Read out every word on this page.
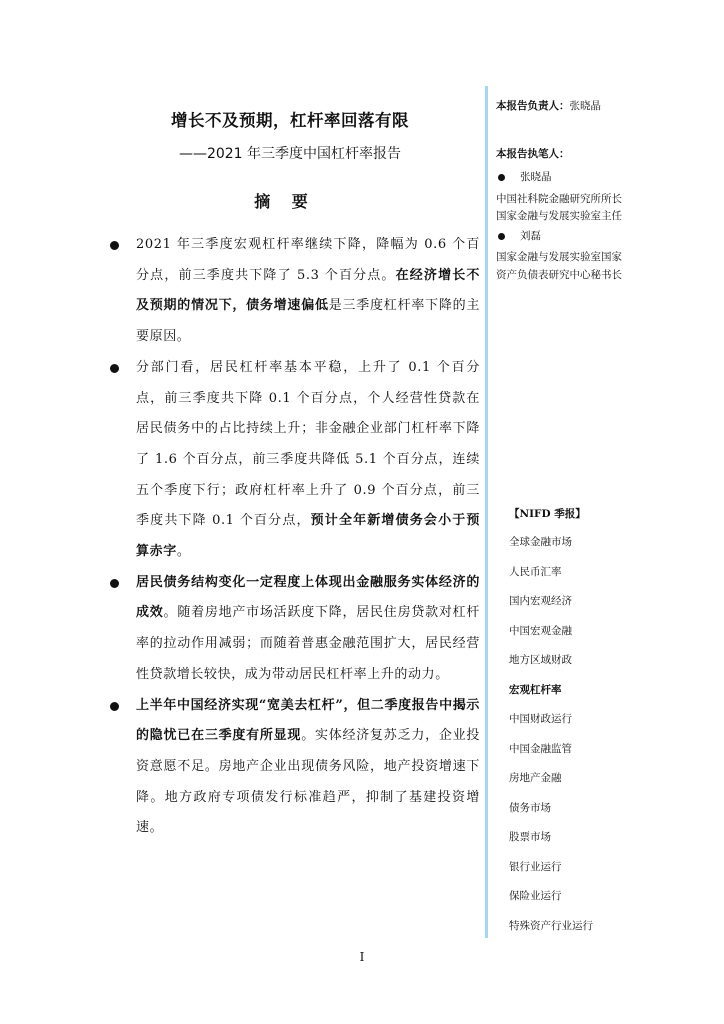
增长不及预期，杠杆率回落有限
——2021 年三季度中国杠杆率报告
摘 要
2021 年三季度宏观杠杆率继续下降，降幅为 0.6 个百分点，前三季度共下降了 5.3 个百分点。在经济增长不及预期的情况下，债务增速偏低是三季度杠杆率下降的主要原因。
分部门看，居民杠杆率基本平稳，上升了 0.1 个百分点，前三季度共下降 0.1 个百分点，个人经营性贷款在居民债务中的占比持续上升；非金融企业部门杠杆率下降了 1.6 个百分点，前三季度共降低 5.1 个百分点，连续五个季度下行；政府杠杆率上升了 0.9 个百分点，前三季度共下降 0.1 个百分点，预计全年新增债务会小于预算赤字。
居民债务结构变化一定程度上体现出金融服务实体经济的成效。随着房地产市场活跃度下降，居民住房贷款对杠杆率的拉动作用减弱；而随着普惠金融范围扩大，居民经营性贷款增长较快，成为带动居民杠杆率上升的动力。
上半年中国经济实现“宽美去杠杆”，但二季度报告中揭示的隐忧已在三季度有所显现。实体经济复苏乏力，企业投资意愿不足。房地产企业出现债务风险，地产投资增速下降。地方政府专项债发行标准趋严，抑制了基建投资增速。
本报告负责人：张晓晶
本报告执笔人：
张晓晶
中国社科院金融研究所所长
国家金融与发展实验室主任
刘磊
国家金融与发展实验室国家资产负债表研究中心秘书长
【NIFD 季报】
全球金融市场
人民币汇率
国内宏观经济
中国宏观金融
地方区域财政
宏观杠杆率
中国财政运行
中国金融监管
房地产金融
债务市场
股票市场
银行业运行
保险业运行
特殊资产行业运行
I
